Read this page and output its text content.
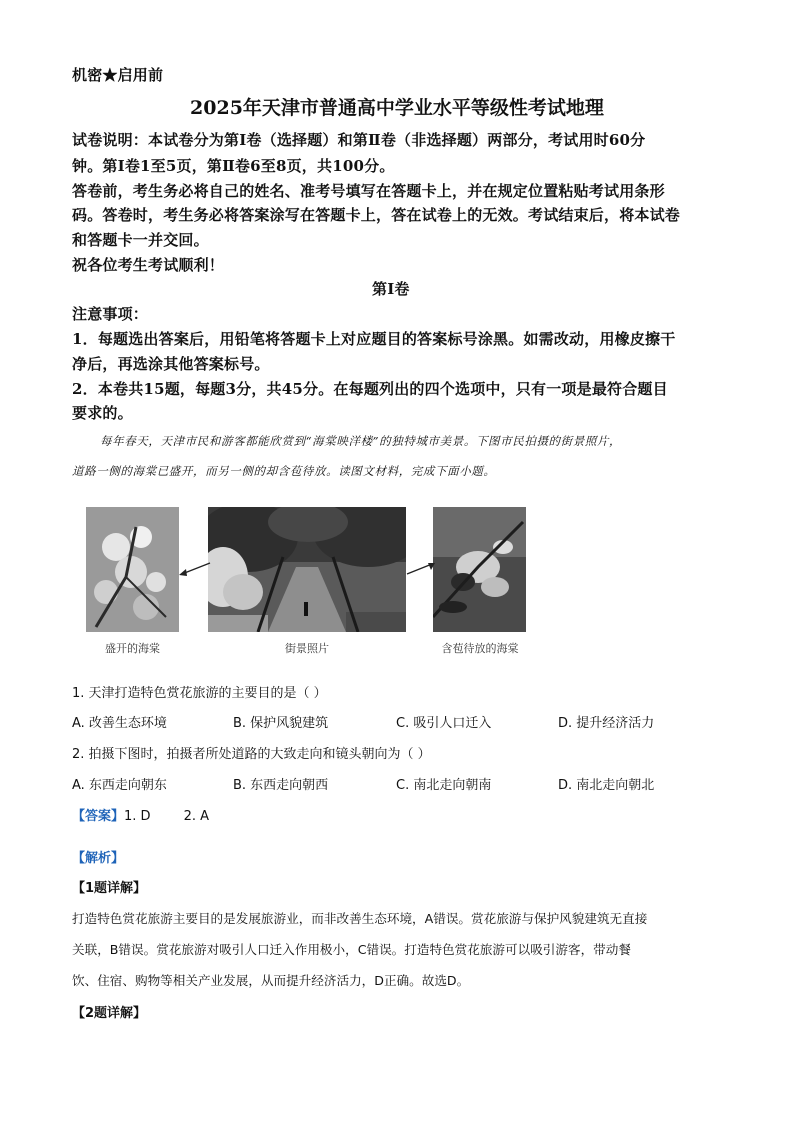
机密★启用前
2025年天津市普通高中学业水平等级性考试地理
试卷说明：本试卷分为第Ⅰ卷（选择题）和第Ⅱ卷（非选择题）两部分，考试用时60分
钟。第Ⅰ卷1至5页，第Ⅱ卷6至8页，共100分。
答卷前，考生务必将自己的姓名、准考号填写在答题卡上，并在规定位置粘贴考试用条形
码。答卷时，考生务必将答案涂写在答题卡上，答在试卷上的无效。考试结束后，将本试卷
和答题卡一并交回。
祝各位考生考试顺利！
第Ⅰ卷
注意事项：
1．每题选出答案后，用铅笔将答题卡上对应题目的答案标号涂黑。如需改动，用橡皮擦干
净后，再选涂其他答案标号。
2．本卷共15题，每题3分，共45分。在每题列出的四个选项中，只有一项是最符合题目
要求的。
每年春天，天津市民和游客都能欣赏到“海棠映洋楼”的独特城市美景。下图市民拍摄的街景照片，
道路一侧的海棠已盛开，而另一侧的却含苞待放。读图文材料，完成下面小题。
盛开的海棠	街景照片	含苞待放的海棠
1. 天津打造特色赏花旅游的主要目的是（ ）
A. 改善生态环境	B. 保护风貌建筑	C. 吸引人口迁入	D. 提升经济活力
2. 拍摄下图时，拍摄者所处道路的大致走向和镜头朝向为（ ）
A. 东西走向朝东	B. 东西走向朝西	C. 南北走向朝南	D. 南北走向朝北
【答案】1. D        2. A
【解析】
【1题详解】
打造特色赏花旅游主要目的是发展旅游业，而非改善生态环境，A错误。赏花旅游与保护风貌建筑无直接
关联，B错误。赏花旅游对吸引人口迁入作用极小，C错误。打造特色赏花旅游可以吸引游客，带动餐
饮、住宿、购物等相关产业发展，从而提升经济活力，D正确。故选D。
【2题详解】
